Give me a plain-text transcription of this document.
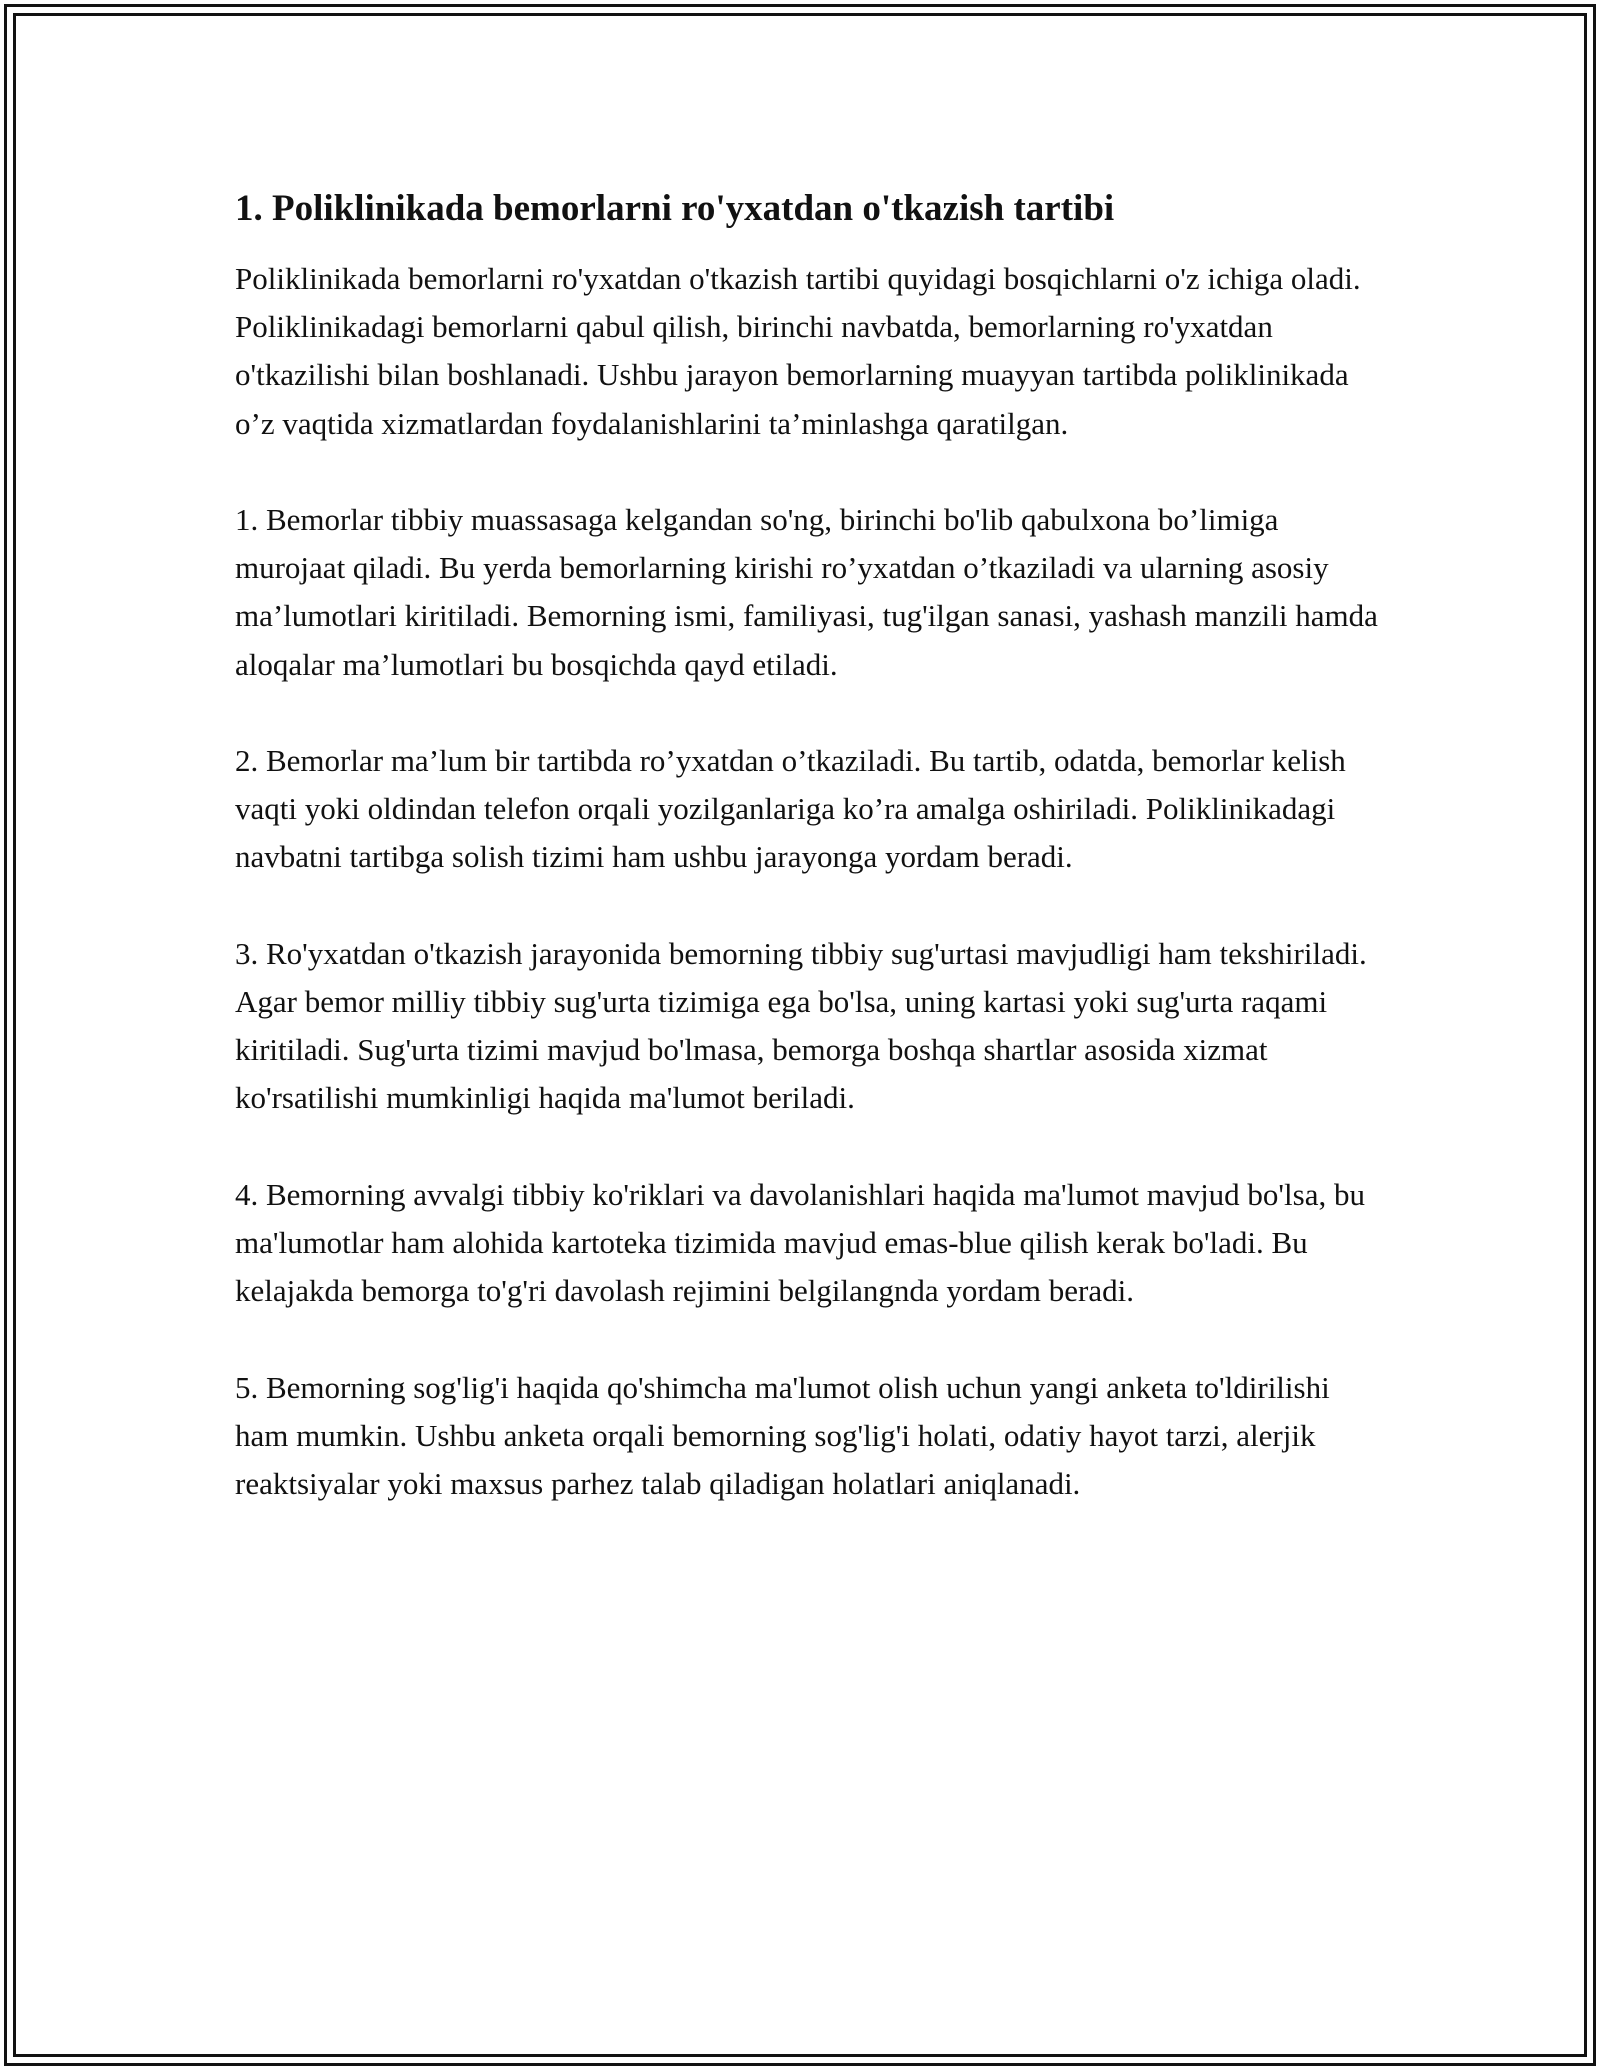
1. Poliklinikada bemorlarni ro'yxatdan o'tkazish tartibi

Poliklinikada bemorlarni ro'yxatdan o'tkazish tartibi quyidagi bosqichlarni o'z ichiga oladi. Poliklinikadagi bemorlarni qabul qilish, birinchi navbatda, bemorlarning ro'yxatdan o'tkazilishi bilan boshlanadi. Ushbu jarayon bemorlarning muayyan tartibda poliklinikada o’z vaqtida xizmatlardan foydalanishlarini ta’minlashga qaratilgan.

1. Bemorlar tibbiy muassasaga kelgandan so'ng, birinchi bo'lib qabulxona bo’limiga murojaat qiladi. Bu yerda bemorlarning kirishi ro’yxatdan o’tkaziladi va ularning asosiy ma’lumotlari kiritiladi. Bemorning ismi, familiyasi, tug'ilgan sanasi, yashash manzili hamda aloqalar ma’lumotlari bu bosqichda qayd etiladi.

2. Bemorlar ma’lum bir tartibda ro’yxatdan o’tkaziladi. Bu tartib, odatda, bemorlar kelish vaqti yoki oldindan telefon orqali yozilganlariga ko’ra amalga oshiriladi. Poliklinikadagi navbatni tartibga solish tizimi ham ushbu jarayonga yordam beradi.

3. Ro'yxatdan o'tkazish jarayonida bemorning tibbiy sug'urtasi mavjudligi ham tekshiriladi. Agar bemor milliy tibbiy sug'urta tizimiga ega bo'lsa, uning kartasi yoki sug'urta raqami kiritiladi. Sug'urta tizimi mavjud bo'lmasa, bemorga boshqa shartlar asosida xizmat ko'rsatilishi mumkinligi haqida ma'lumot beriladi.

4. Bemorning avvalgi tibbiy ko'riklari va davolanishlari haqida ma'lumot mavjud bo'lsa, bu ma'lumotlar ham alohida kartoteka tizimida mavjud emas-blue qilish kerak bo'ladi. Bu kelajakda bemorga to'g'ri davolash rejimini belgilangnda yordam beradi.

5. Bemorning sog'lig'i haqida qo'shimcha ma'lumot olish uchun yangi anketa to'ldirilishi ham mumkin. Ushbu anketa orqali bemorning sog'lig'i holati, odatiy hayot tarzi, alerjik reaktsiyalar yoki maxsus parhez talab qiladigan holatlari aniqlanadi.
